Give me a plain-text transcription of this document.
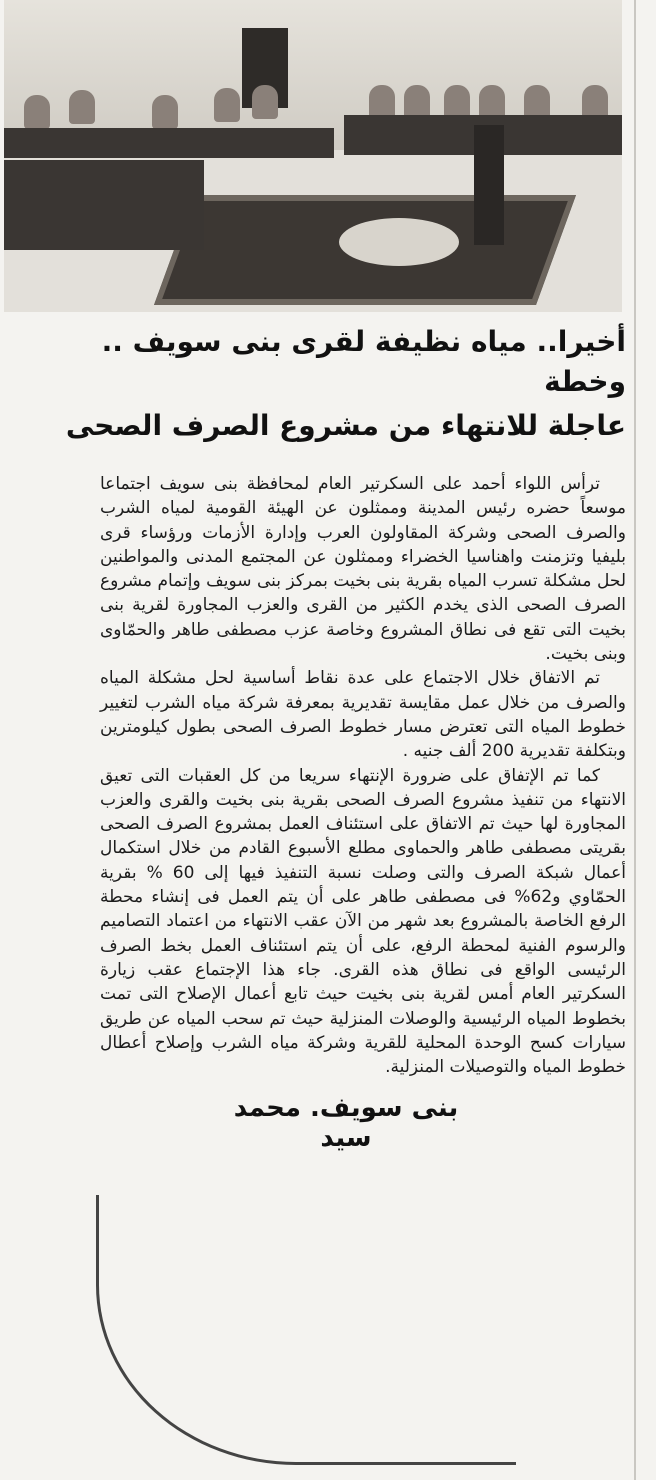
أخيرا.. مياه نظيفة لقرى بنى سويف .. وخطة
عاجلة للانتهاء من مشروع الصرف الصحى

ترأس اللواء أحمد على السكرتير العام لمحافظة بنى سويف اجتماعا موسعاً حضره رئيس المدينة وممثلون عن الهيئة القومية لمياه الشرب والصرف الصحى وشركة المقاولون العرب وإدارة الأزمات ورؤساء قرى بليفيا وتزمنت واهناسيا الخضراء وممثلون عن المجتمع المدنى والمواطنين لحل مشكلة تسرب المياه بقرية بنى بخيت بمركز بنى سويف وإتمام مشروع الصرف الصحى الذى يخدم الكثير من القرى والعزب المجاورة لقرية بنى بخيت التى تقع فى نطاق المشروع وخاصة عزب مصطفى طاهر والحمّاوى وبنى بخيت.

تم الاتفاق خلال الاجتماع على عدة نقاط أساسية لحل مشكلة المياه والصرف من خلال عمل مقايسة تقديرية بمعرفة شركة مياه الشرب لتغيير خطوط المياه التى تعترض مسار خطوط الصرف الصحى بطول كيلومترين وبتكلفة تقديرية 200 ألف جنيه .

كما تم الإتفاق على ضرورة الإنتهاء سريعا من كل العقبات التى تعيق الانتهاء من تنفيذ مشروع الصرف الصحى بقرية بنى بخيت والقرى والعزب المجاورة لها حيث تم الاتفاق على استئناف العمل بمشروع الصرف الصحى بقريتى مصطفى طاهر والحماوى مطلع الأسبوع القادم من خلال استكمال أعمال شبكة الصرف والتى وصلت نسبة التنفيذ فيها إلى 60 % بقرية الحمّاوي و62% فى مصطفى طاهر على أن يتم العمل فى إنشاء محطة الرفع الخاصة بالمشروع بعد شهر من الآن عقب الانتهاء من اعتماد التصاميم والرسوم الفنية لمحطة الرفع، على أن يتم استئناف العمل بخط الصرف الرئيسى الواقع فى نطاق هذه القرى. جاء هذا الإجتماع عقب زيارة السكرتير العام أمس لقرية بنى بخيت حيث تابع أعمال الإصلاح التى تمت بخطوط المياه الرئيسية والوصلات المنزلية حيث تم سحب المياه عن طريق سيارات كسح الوحدة المحلية للقرية وشركة مياه الشرب وإصلاح أعطال خطوط المياه والتوصيلات المنزلية.

بنى سويف. محمد سيد
